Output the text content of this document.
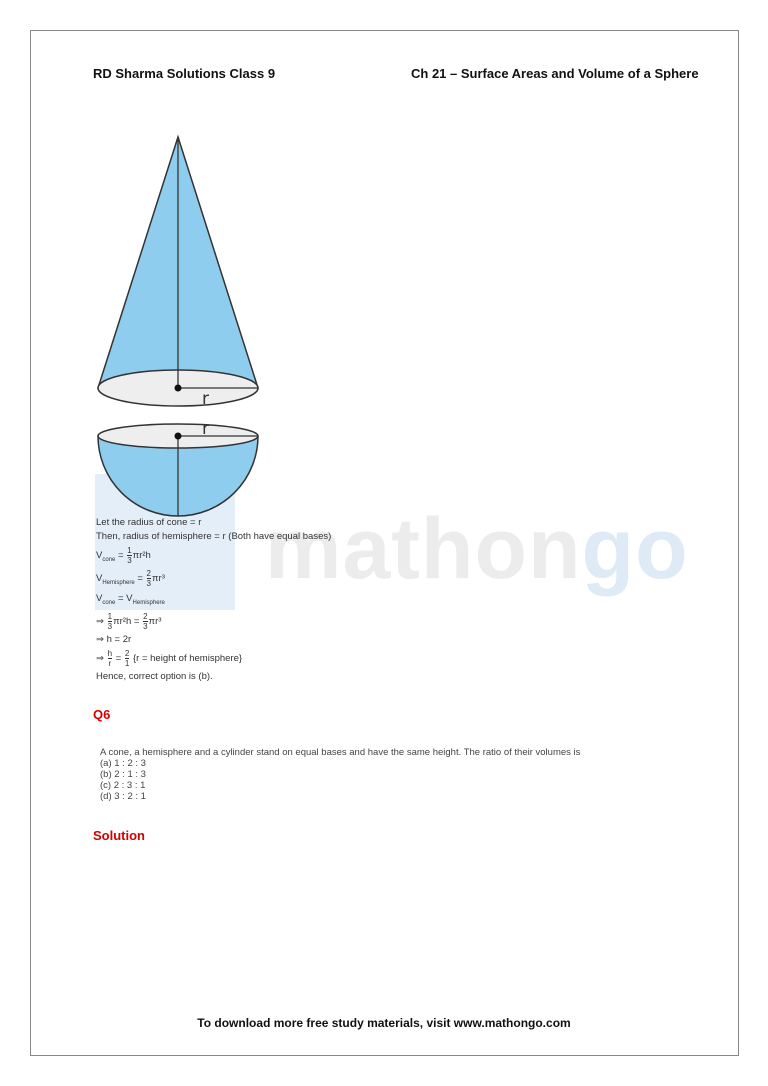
RD Sharma Solutions Class 9	Ch 21 – Surface Areas and Volume of a Sphere
mathongo
r
r
Let the radius of cone = r
Then, radius of hemisphere = r (Both have equal bases)
$V_{cone} = \frac{1}{3} \pi r^2h$
$V_{Hemisphere} = \frac{2}{3} \pi r^3$
$V_{cone} = V_{Hemisphere}$
⇒ $\frac{1}{3} \pi r^2h = \frac{2}{3} \pi r^3$
⇒ h = 2r
⇒ $\frac{h}{r} = \frac{2}{1} \{r$ = height of hemisphere}
Hence, correct option is (b).
Q6
A cone, a hemisphere and a cylinder stand on equal bases and have the same height. The ratio of their volumes is
(a) 1 : 2 : 3
(b) 2 : 1 : 3
(c) 2 : 3 : 1
(d) 3 : 2 : 1
Solution
To download more free study materials, visit www.mathongo.com
